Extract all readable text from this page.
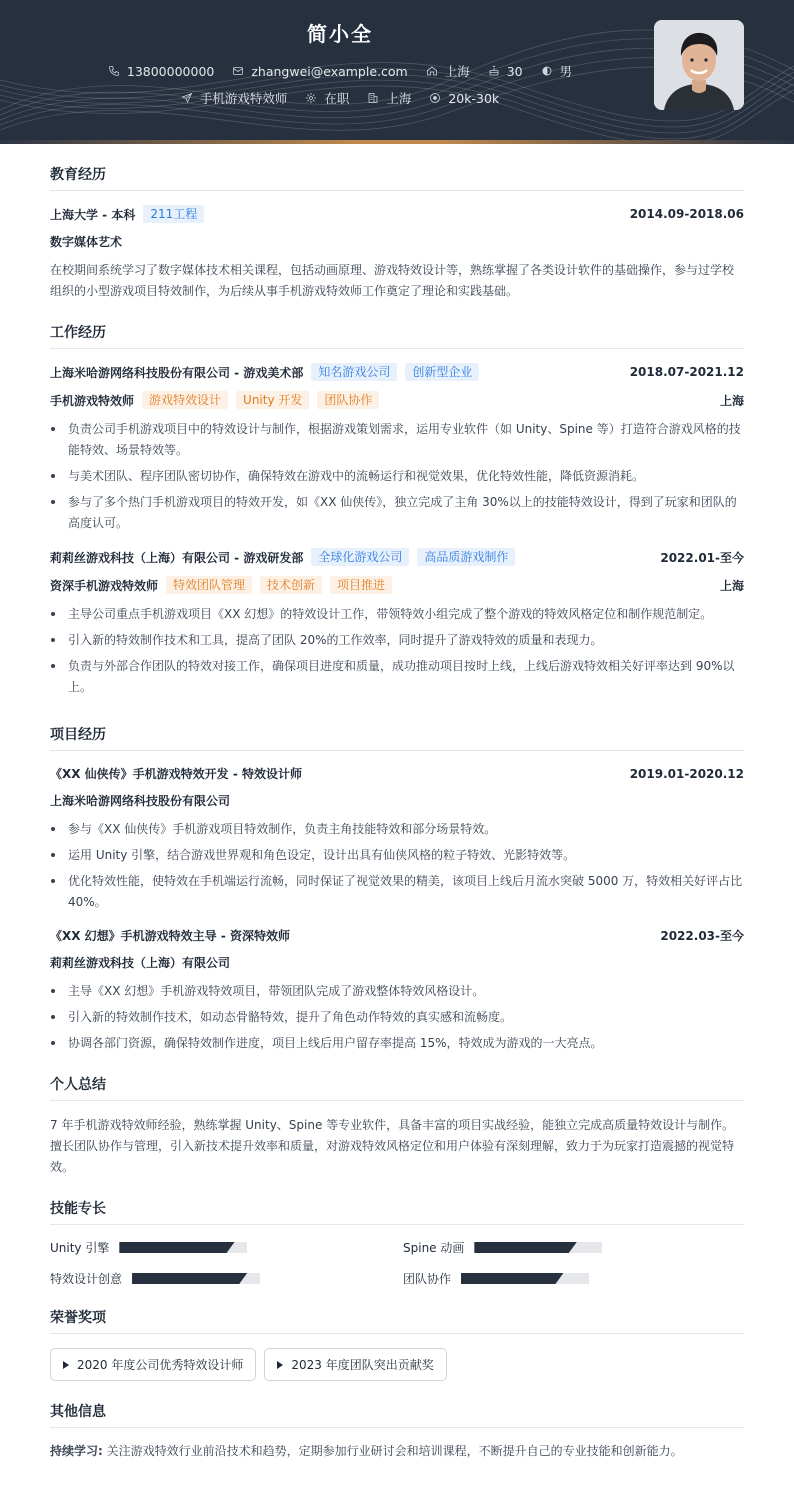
简小全
13800000000
	zhangwei@example.com
	上海
	30
	男
手机游戏特效师
	在职
	上海
	20k-30k
教育经历
上海大学 - 本科	211工程	2014.09-2018.06
数字媒体艺术
在校期间系统学习了数字媒体技术相关课程，包括动画原理、游戏特效设计等，熟练掌握了各类设计软件的基础操作，参与过学校组织的小型游戏项目特效制作，为后续从事手机游戏特效师工作奠定了理论和实践基础。
工作经历
上海米哈游网络科技股份有限公司 - 游戏美术部	知名游戏公司	创新型企业	2018.07-2021.12
手机游戏特效师	游戏特效设计	Unity 开发	团队协作	上海
负责公司手机游戏项目中的特效设计与制作，根据游戏策划需求，运用专业软件（如 Unity、Spine 等）打造符合游戏风格的技能特效、场景特效等。
与美术团队、程序团队密切协作，确保特效在游戏中的流畅运行和视觉效果，优化特效性能，降低资源消耗。
参与了多个热门手机游戏项目的特效开发，如《XX 仙侠传》，独立完成了主角 30%以上的技能特效设计，得到了玩家和团队的高度认可。
莉莉丝游戏科技（上海）有限公司 - 游戏研发部	全球化游戏公司	高品质游戏制作	2022.01-至今
资深手机游戏特效师	特效团队管理	技术创新	项目推进	上海
主导公司重点手机游戏项目《XX 幻想》的特效设计工作，带领特效小组完成了整个游戏的特效风格定位和制作规范制定。
引入新的特效制作技术和工具，提高了团队 20%的工作效率，同时提升了游戏特效的质量和表现力。
负责与外部合作团队的特效对接工作，确保项目进度和质量，成功推动项目按时上线，上线后游戏特效相关好评率达到 90%以上。
项目经历
《XX 仙侠传》手机游戏特效开发 - 特效设计师	2019.01-2020.12
上海米哈游网络科技股份有限公司
参与《XX 仙侠传》手机游戏项目特效制作，负责主角技能特效和部分场景特效。
运用 Unity 引擎，结合游戏世界观和角色设定，设计出具有仙侠风格的粒子特效、光影特效等。
优化特效性能，使特效在手机端运行流畅，同时保证了视觉效果的精美，该项目上线后月流水突破 5000 万，特效相关好评占比 40%。
《XX 幻想》手机游戏特效主导 - 资深特效师	2022.03-至今
莉莉丝游戏科技（上海）有限公司
主导《XX 幻想》手机游戏特效项目，带领团队完成了游戏整体特效风格设计。
引入新的特效制作技术，如动态骨骼特效，提升了角色动作特效的真实感和流畅度。
协调各部门资源，确保特效制作进度，项目上线后用户留存率提高 15%，特效成为游戏的一大亮点。
个人总结
7 年手机游戏特效师经验，熟练掌握 Unity、Spine 等专业软件，具备丰富的项目实战经验，能独立完成高质量特效设计与制作。擅长团队协作与管理，引入新技术提升效率和质量，对游戏特效风格定位和用户体验有深刻理解，致力于为玩家打造震撼的视觉特效。
技能专长
Unity 引擎	Spine 动画
特效设计创意	团队协作
荣誉奖项
2020 年度公司优秀特效设计师	2023 年度团队突出贡献奖
其他信息
持续学习: 关注游戏特效行业前沿技术和趋势，定期参加行业研讨会和培训课程，不断提升自己的专业技能和创新能力。
